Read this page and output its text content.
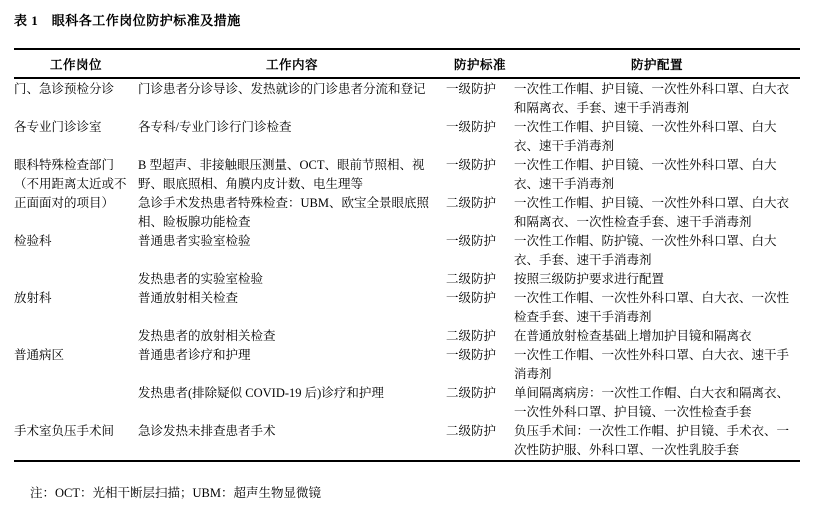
表 1　眼科各工作岗位防护标准及措施
工作岗位	工作内容	防护标准	防护配置
门、急诊预检分诊	门诊患者分诊导诊、发热就诊的门诊患者分流和登记	一级防护	一次性工作帽、护目镜、一次性外科口罩、白大衣和隔离衣、手套、速干手消毒剂
各专业门诊诊室	各专科/专业门诊行门诊检查	一级防护	一次性工作帽、护目镜、一次性外科口罩、白大衣、速干手消毒剂
眼科特殊检查部门（不用距离太近或不正面面对的项目）	B 型超声、非接触眼压测量、OCT、眼前节照相、视野、眼底照相、角膜内皮计数、电生理等	一级防护	一次性工作帽、护目镜、一次性外科口罩、白大衣、速干手消毒剂
	急诊手术发热患者特殊检查：UBM、欧宝全景眼底照相、睑板腺功能检查	二级防护	一次性工作帽、护目镜、一次性外科口罩、白大衣和隔离衣、一次性检查手套、速干手消毒剂
检验科	普通患者实验室检验	一级防护	一次性工作帽、防护镜、一次性外科口罩、白大衣、手套、速干手消毒剂
	发热患者的实验室检验	二级防护	按照三级防护要求进行配置
放射科	普通放射相关检查	一级防护	一次性工作帽、一次性外科口罩、白大衣、一次性检查手套、速干手消毒剂
	发热患者的放射相关检查	二级防护	在普通放射检查基础上增加护目镜和隔离衣
普通病区	普通患者诊疗和护理	一级防护	一次性工作帽、一次性外科口罩、白大衣、速干手消毒剂
	发热患者(排除疑似 COVID-19 后)诊疗和护理	二级防护	单间隔离病房：一次性工作帽、白大衣和隔离衣、一次性外科口罩、护目镜、一次性检查手套
手术室负压手术间	急诊发热未排查患者手术	二级防护	负压手术间：一次性工作帽、护目镜、手术衣、一次性防护服、外科口罩、一次性乳胶手套
注：OCT：光相干断层扫描；UBM：超声生物显微镜
